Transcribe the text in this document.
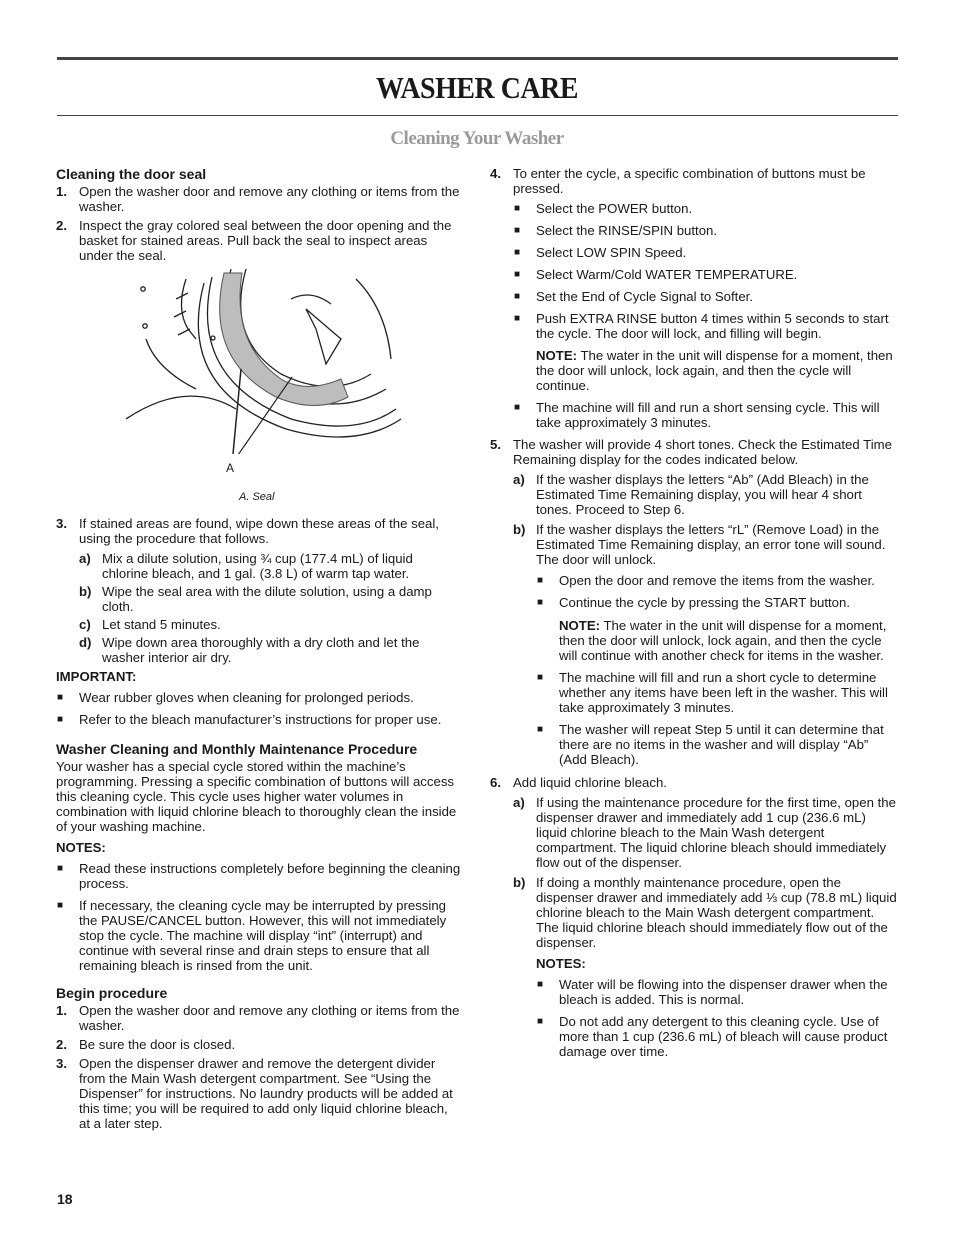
WASHER CARE
Cleaning Your Washer
Cleaning the door seal
1. Open the washer door and remove any clothing or items from the washer.
2. Inspect the gray colored seal between the door opening and the basket for stained areas. Pull back the seal to inspect areas under the seal.
A
A. Seal
3. If stained areas are found, wipe down these areas of the seal, using the procedure that follows.
a) Mix a dilute solution, using ¾ cup (177.4 mL) of liquid chlorine bleach, and 1 gal. (3.8 L) of warm tap water.
b) Wipe the seal area with the dilute solution, using a damp cloth.
c) Let stand 5 minutes.
d) Wipe down area thoroughly with a dry cloth and let the washer interior air dry.

IMPORTANT:

■ Wear rubber gloves when cleaning for prolonged periods.
■ Refer to the bleach manufacturer’s instructions for proper use.
Washer Cleaning and Monthly Maintenance Procedure

Your washer has a special cycle stored within the machine’s programming. Pressing a specific combination of buttons will access this cleaning cycle. This cycle uses higher water volumes in combination with liquid chlorine bleach to thoroughly clean the inside of your washing machine.

NOTES:

■ Read these instructions completely before beginning the cleaning process.
■ If necessary, the cleaning cycle may be interrupted by pressing the PAUSE/CANCEL button. However, this will not immediately stop the cycle. The machine will display “int” (interrupt) and continue with several rinse and drain steps to ensure that all remaining bleach is rinsed from the unit.
Begin procedure
1. Open the washer door and remove any clothing or items from the washer.
2. Be sure the door is closed.
3. Open the dispenser drawer and remove the detergent divider from the Main Wash detergent compartment. See “Using the Dispenser” for instructions. No laundry products will be added at this time; you will be required to add only liquid chlorine bleach, at a later step.
4. To enter the cycle, a specific combination of buttons must be pressed.
■ Select the POWER button.
■ Select the RINSE/SPIN button.
■ Select LOW SPIN Speed.
■ Select Warm/Cold WATER TEMPERATURE.
■ Set the End of Cycle Signal to Softer.
■ Push EXTRA RINSE button 4 times within 5 seconds to start the cycle. The door will lock, and filling will begin.

NOTE: The water in the unit will dispense for a moment, then the door will unlock, lock again, and then the cycle will continue.

■ The machine will fill and run a short sensing cycle. This will take approximately 3 minutes.
5. The washer will provide 4 short tones. Check the Estimated Time Remaining display for the codes indicated below.
a) If the washer displays the letters “Ab” (Add Bleach) in the Estimated Time Remaining display, you will hear 4 short tones. Proceed to Step 6.
b) If the washer displays the letters “rL” (Remove Load) in the Estimated Time Remaining display, an error tone will sound. The door will unlock.
■ Open the door and remove the items from the washer.
■ Continue the cycle by pressing the START button.

NOTE: The water in the unit will dispense for a moment, then the door will unlock, lock again, and then the cycle will continue with another check for items in the washer.

■ The machine will fill and run a short cycle to determine whether any items have been left in the washer. This will take approximately 3 minutes.
■ The washer will repeat Step 5 until it can determine that there are no items in the washer and will display “Ab” (Add Bleach).
6. Add liquid chlorine bleach.
a) If using the maintenance procedure for the first time, open the dispenser drawer and immediately add 1 cup (236.6 mL) liquid chlorine bleach to the Main Wash detergent compartment. The liquid chlorine bleach should immediately flow out of the dispenser.
b) If doing a monthly maintenance procedure, open the dispenser drawer and immediately add ⅓ cup (78.8 mL) liquid chlorine bleach to the Main Wash detergent compartment. The liquid chlorine bleach should immediately flow out of the dispenser.

NOTES:

■ Water will be flowing into the dispenser drawer when the bleach is added. This is normal.
■ Do not add any detergent to this cleaning cycle. Use of more than 1 cup (236.6 mL) of bleach will cause product damage over time.
18
